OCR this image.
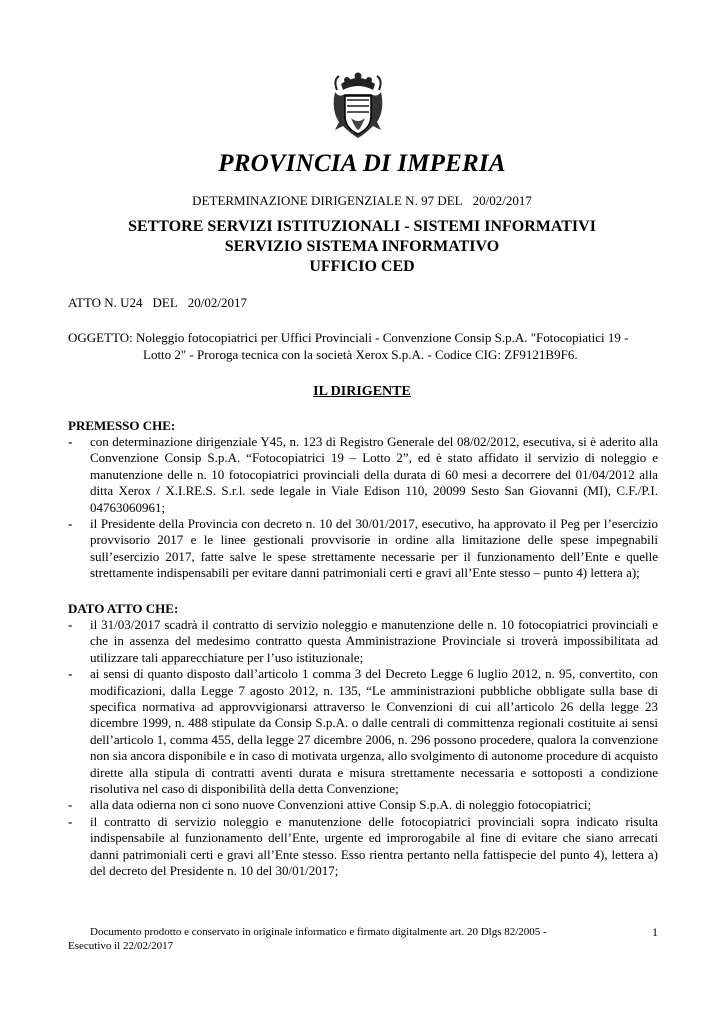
PROVINCIA DI IMPERIA
DETERMINAZIONE DIRIGENZIALE N. 97 DEL 20/02/2017
SETTORE SERVIZI ISTITUZIONALI - SISTEMI INFORMATIVI
SERVIZIO SISTEMA INFORMATIVO
UFFICIO CED
ATTO N. U24 DEL 20/02/2017
OGGETTO: Noleggio fotocopiatrici per Uffici Provinciali - Convenzione Consip S.p.A. "Fotocopiatici 19 -
Lotto 2" - Proroga tecnica con la società Xerox S.p.A. - Codice CIG: ZF9121B9F6.
IL DIRIGENTE
PREMESSO CHE:
- con determinazione dirigenziale Y45, n. 123 di Registro Generale del 08/02/2012, esecutiva, si è aderito alla Convenzione Consip S.p.A. “Fotocopiatrici 19 – Lotto 2”, ed è stato affidato il servizio di noleggio e manutenzione delle n. 10 fotocopiatrici provinciali della durata di 60 mesi a decorrere del 01/04/2012 alla ditta Xerox / X.I.RE.S. S.r.l. sede legale in Viale Edison 110, 20099 Sesto San Giovanni (MI), C.F./P.I. 04763060961;
- il Presidente della Provincia con decreto n. 10 del 30/01/2017, esecutivo, ha approvato il Peg per l’esercizio provvisorio 2017 e le linee gestionali provvisorie in ordine alla limitazione delle spese impegnabili sull’esercizio 2017, fatte salve le spese strettamente necessarie per il funzionamento dell’Ente e quelle strettamente indispensabili per evitare danni patrimoniali certi e gravi all’Ente stesso – punto 4) lettera a);
DATO ATTO CHE:
- il 31/03/2017 scadrà il contratto di servizio noleggio e manutenzione delle n. 10 fotocopiatrici provinciali e che in assenza del medesimo contratto questa Amministrazione Provinciale si troverà impossibilitata ad utilizzare tali apparecchiature per l’uso istituzionale;
- ai sensi di quanto disposto dall’articolo 1 comma 3 del Decreto Legge 6 luglio 2012, n. 95, convertito, con modificazioni, dalla Legge 7 agosto 2012, n. 135, “Le amministrazioni pubbliche obbligate sulla base di specifica normativa ad approvvigionarsi attraverso le Convenzioni di cui all’articolo 26 della legge 23 dicembre 1999, n. 488 stipulate da Consip S.p.A. o dalle centrali di committenza regionali costituite ai sensi dell’articolo 1, comma 455, della legge 27 dicembre 2006, n. 296 possono procedere, qualora la convenzione non sia ancora disponibile e in caso di motivata urgenza, allo svolgimento di autonome procedure di acquisto dirette alla stipula di contratti aventi durata e misura strettamente necessaria e sottoposti a condizione risolutiva nel caso di disponibilità della detta Convenzione;
- alla data odierna non ci sono nuove Convenzioni attive Consip S.p.A. di noleggio fotocopiatrici;
- il contratto di servizio noleggio e manutenzione delle fotocopiatrici provinciali sopra indicato risulta indispensabile al funzionamento dell’Ente, urgente ed improrogabile al fine di evitare che siano arrecati danni patrimoniali certi e gravi all’Ente stesso. Esso rientra pertanto nella fattispecie del punto 4), lettera a) del decreto del Presidente n. 10 del 30/01/2017;
Documento prodotto e conservato in originale informatico e firmato digitalmente art. 20 Dlgs 82/2005 -
Esecutivo il 22/02/2017
1
